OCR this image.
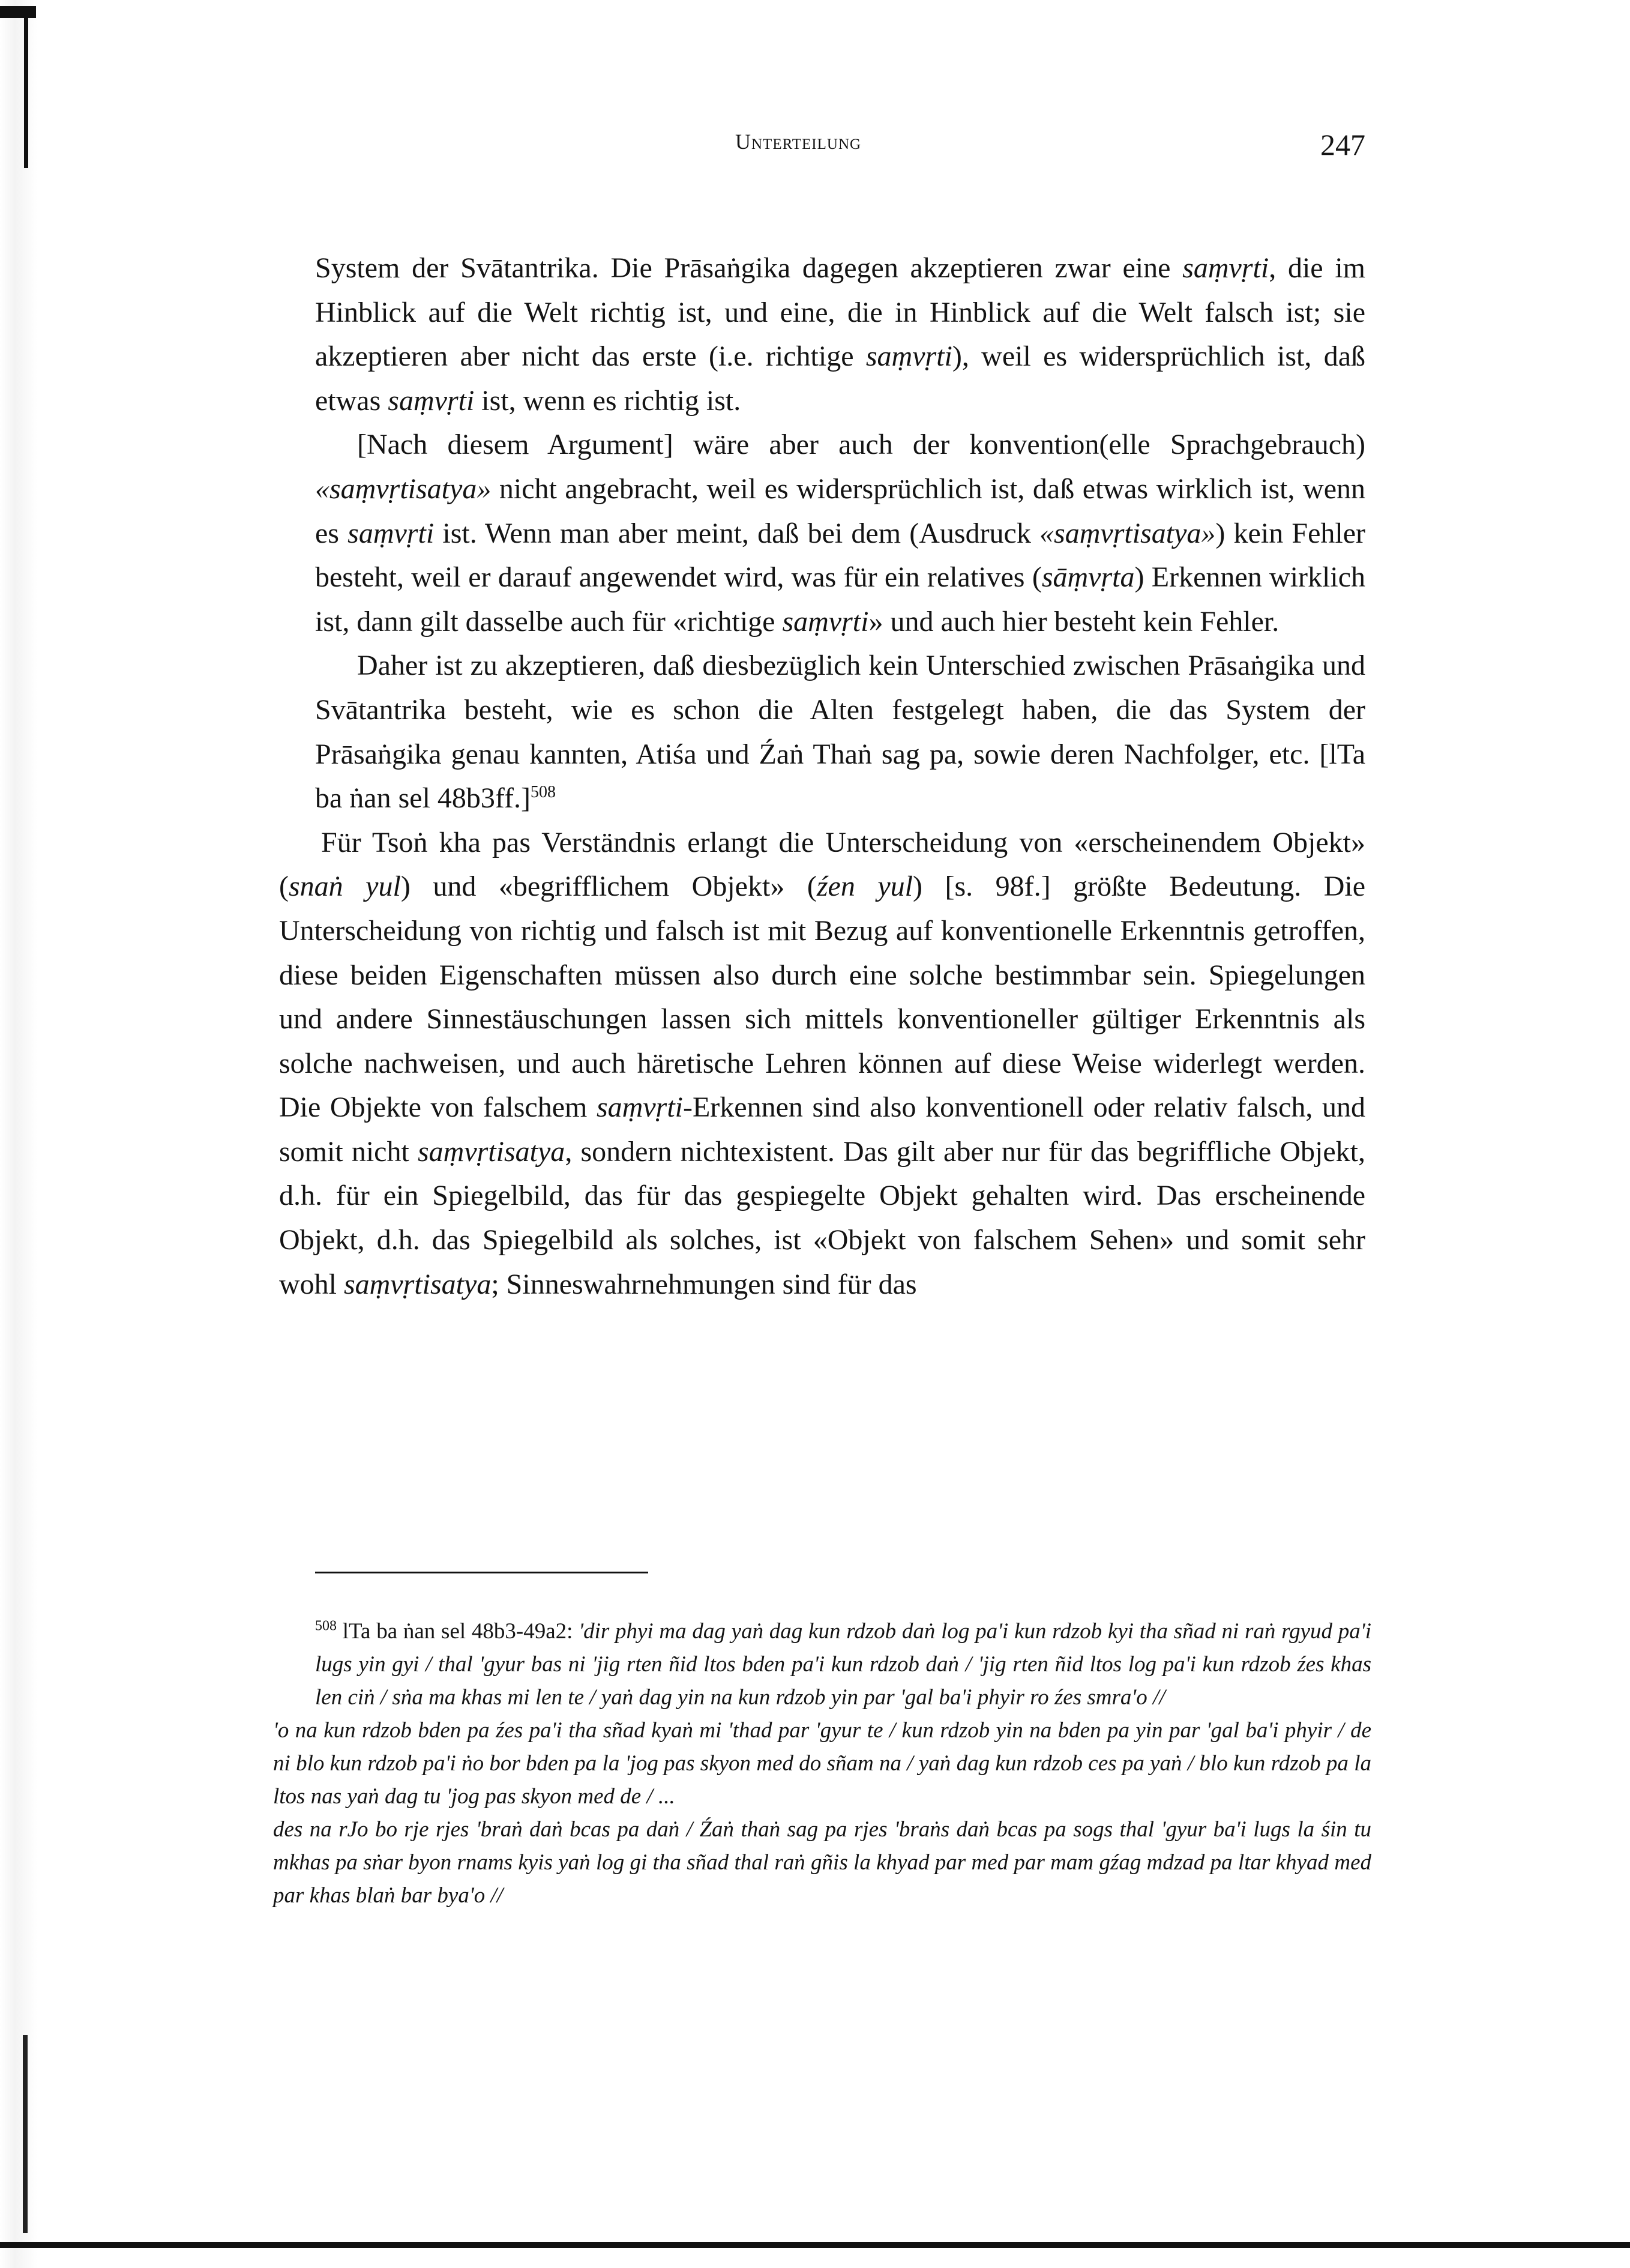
Unterteilung	247

System der Svātantrika. Die Prāsaṅgika dagegen akzeptieren zwar eine saṃvṛti, die im Hinblick auf die Welt richtig ist, und eine, die in Hinblick auf die Welt falsch ist; sie akzeptieren aber nicht das erste (i.e. richtige saṃvṛti), weil es widersprüchlich ist, daß etwas saṃvṛti ist, wenn es richtig ist.

[Nach diesem Argument] wäre aber auch der konvention(elle Sprachgebrauch) «saṃvṛtisatya» nicht angebracht, weil es widersprüchlich ist, daß etwas wirklich ist, wenn es saṃvṛti ist. Wenn man aber meint, daß bei dem (Ausdruck «saṃvṛtisatya») kein Fehler besteht, weil er darauf angewendet wird, was für ein relatives (sāṃvṛta) Erkennen wirklich ist, dann gilt dasselbe auch für «richtige saṃvṛti» und auch hier besteht kein Fehler.

Daher ist zu akzeptieren, daß diesbezüglich kein Unterschied zwischen Prāsaṅgika und Svātantrika besteht, wie es schon die Alten festgelegt haben, die das System der Prāsaṅgika genau kannten, Atiśa und Źaṅ Thaṅ sag pa, sowie deren Nachfolger, etc. [lTa ba ṅan sel 48b3ff.]$^{508}$

Für Tsoṅ kha pas Verständnis erlangt die Unterscheidung von «erscheinendem Objekt» (snaṅ yul) und «begrifflichem Objekt» (źen yul) [s. 98f.] größte Bedeutung. Die Unterscheidung von richtig und falsch ist mit Bezug auf konventionelle Erkenntnis getroffen, diese beiden Eigenschaften müssen also durch eine solche bestimmbar sein. Spiegelungen und andere Sinnestäuschungen lassen sich mittels konventioneller gültiger Erkenntnis als solche nachweisen, und auch häretische Lehren können auf diese Weise widerlegt werden. Die Objekte von falschem saṃvṛti-Erkennen sind also konventionell oder relativ falsch, und somit nicht saṃvṛtisatya, sondern nichtexistent. Das gilt aber nur für das begriffliche Objekt, d.h. für ein Spiegelbild, das für das gespiegelte Objekt gehalten wird. Das erscheinende Objekt, d.h. das Spiegelbild als solches, ist «Objekt von falschem Sehen» und somit sehr wohl saṃvṛtisatya; Sinneswahrnehmungen sind für das

$^{508}$ lTa ba ṅan sel 48b3-49a2: 'dir phyi ma dag yaṅ dag kun rdzob daṅ log pa'i kun rdzob kyi tha sñad ni raṅ rgyud pa'i lugs yin gyi / thal 'gyur bas ni 'jig rten ñid ltos bden pa'i kun rdzob daṅ / 'jig rten ñid ltos log pa'i kun rdzob źes khas len ciṅ / sṅa ma khas mi len te / yaṅ dag yin na kun rdzob yin par 'gal ba'i phyir ro źes smra'o //

'o na kun rdzob bden pa źes pa'i tha sñad kyaṅ mi 'thad par 'gyur te / kun rdzob yin na bden pa yin par 'gal ba'i phyir / de ni blo kun rdzob pa'i ṅo bor bden pa la 'jog pas skyon med do sñam na / yaṅ dag kun rdzob ces pa yaṅ / blo kun rdzob pa la ltos nas yaṅ dag tu 'jog pas skyon med de / ...

des na rJo bo rje rjes 'braṅ daṅ bcas pa daṅ / Źaṅ thaṅ sag pa rjes 'braṅs daṅ bcas pa sogs thal 'gyur ba'i lugs la śin tu mkhas pa sṅar byon rnams kyis yaṅ log gi tha sñad thal raṅ gñis la khyad par med par mam gźag mdzad pa ltar khyad med par khas blaṅ bar bya'o //
